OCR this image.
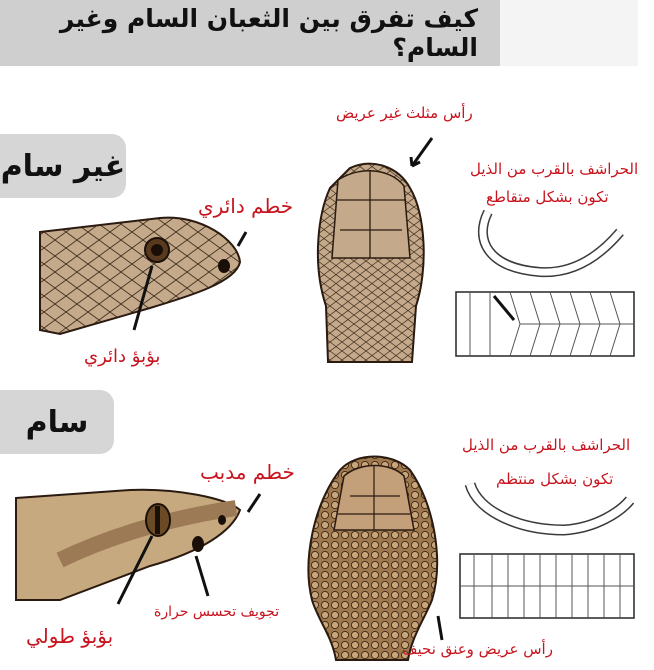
كيف تفرق بين الثعبان السام وغير السام؟
غير سام
سام
رأس مثلث غير عريض
خطم دائري
بؤبؤ دائري
الحراشف بالقرب من الذيل
تكون بشكل متقاطع
خطم مدبب
بؤبؤ طولي
تجويف تحسس حرارة
رأس عريض وعنق نحيف
الحراشف بالقرب من الذيل
تكون بشكل منتظم
